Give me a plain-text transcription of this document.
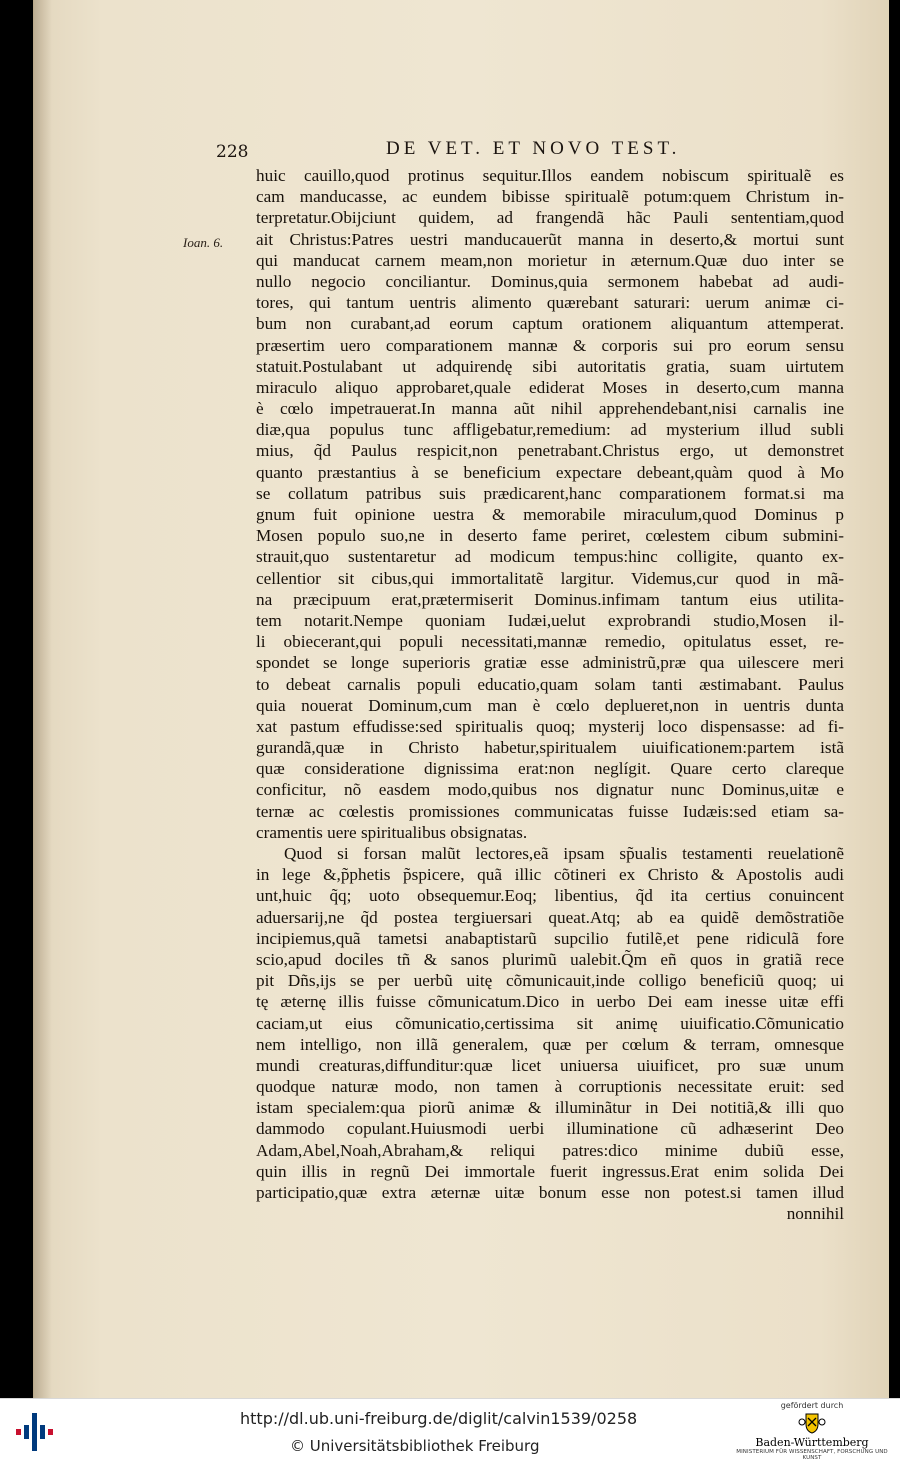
228	DE VET. ET NOVO TEST.
Ioan. 6.
huic cauillo,quod protinus sequitur.Illos eandem nobiscum spiritualẽ es
cam manducasse, ac eundem bibisse spiritualẽ potum:quem Christum in-
terpretatur.Obijciunt quidem, ad frangendã hãc Pauli sententiam,quod
ait Christus:Patres uestri manducauerũt manna in deserto,& mortui sunt
qui manducat carnem meam,non morietur in æternum.Quæ duo inter se
nullo negocio conciliantur. Dominus,quia sermonem habebat ad audi-
tores, qui tantum uentris alimento quærebant saturari: uerum animæ ci-
bum non curabant,ad eorum captum orationem aliquantum attemperat.
præsertim uero comparationem mannæ & corporis sui pro eorum sensu
statuit.Postulabant ut adquirendę sibi autoritatis gratia, suam uirtutem
miraculo aliquo approbaret,quale ediderat Moses in deserto,cum manna
è cœlo impetrauerat.In manna aũt nihil apprehendebant,nisi carnalis ine
diæ,qua populus tunc affligebatur,remedium: ad mysterium illud subli
mius, q̃d Paulus respicit,non penetrabant.Christus ergo, ut demonstret
quanto præstantius à se beneficium expectare debeant,quàm quod à Mo
se collatum patribus suis prædicarent,hanc comparationem format.si ma
gnum fuit opinione uestra & memorabile miraculum,quod Dominus p
Mosen populo suo,ne in deserto fame periret, cœlestem cibum submini-
strauit,quo sustentaretur ad modicum tempus:hinc colligite, quanto ex-
cellentior sit cibus,qui immortalitatẽ largitur. Videmus,cur quod in mã-
na præcipuum erat,prætermiserit Dominus.infimam tantum eius utilita-
tem notarit.Nempe quoniam Iudæi,uelut exprobrandi studio,Mosen il-
li obiecerant,qui populi necessitati,mannæ remedio, opitulatus esset, re-
spondet se longe superioris gratiæ esse administrũ,præ qua uilescere meri
to debeat carnalis populi educatio,quam solam tanti æstimabant. Paulus
quia nouerat Dominum,cum man è cœlo deplueret,non in uentris dunta
xat pastum effudisse:sed spiritualis quoq; mysterij loco dispensasse: ad fi-
gurandã,quæ in Christo habetur,spiritualem uiuificationem:partem istã
quæ consideratione dignissima erat:non neglígit. Quare certo clareque
conficitur, nõ easdem modo,quibus nos dignatur nunc Dominus,uitæ e
ternæ ac cœlestis promissiones communicatas fuisse Iudæis:sed etiam sa-
cramentis uere spiritualibus obsignatas.
Quod si forsan malũt lectores,eã ipsam sp̃ualis testamenti reuelationẽ
in lege &,p̃phetis p̃spicere, quã illic cõtineri ex Christo & Apostolis audi
unt,huic q̃q; uoto obsequemur.Eoq; libentius, q̃d ita certius conuincent
aduersarij,ne q̃d postea tergiuersari queat.Atq; ab ea quidẽ demõstratiõe
incipiemus,quã tametsi anabaptistarũ supcilio futilẽ,et pene ridiculã fore
scio,apud dociles tñ & sanos plurimũ ualebit.Q̃m eñ quos in gratiã rece
pit Dñs,ijs se per uerbũ uitę cõmunicauit,inde colligo beneficiũ quoq; ui
tę æternę illis fuisse cõmunicatum.Dico in uerbo Dei eam inesse uitæ effi
caciam,ut eius cõmunicatio,certissima sit animę uiuificatio.Cõmunicatio
nem intelligo, non illã generalem, quæ per cœlum & terram, omnesque
mundi creaturas,diffunditur:quæ licet uniuersa uiuificet, pro suæ unum
quodque naturæ modo, non tamen à corruptionis necessitate eruit: sed
istam specialem:qua piorũ animæ & illuminãtur in Dei notitiã,& illi quo
dammodo copulant.Huiusmodi uerbi illuminatione cũ adhæserint Deo
Adam,Abel,Noah,Abraham,& reliqui patres:dico minime dubiũ esse,
quin illis in regnũ Dei immortale fuerit ingressus.Erat enim solida Dei
participatio,quæ extra æternæ uitæ bonum esse non potest.si tamen illud
nonnihil
http://dl.ub.uni-freiburg.de/diglit/calvin1539/0258
© Universitätsbibliothek Freiburg
gefördert durch
Baden-Württemberg
MINISTERIUM FÜR WISSENSCHAFT, FORSCHUNG UND KUNST
